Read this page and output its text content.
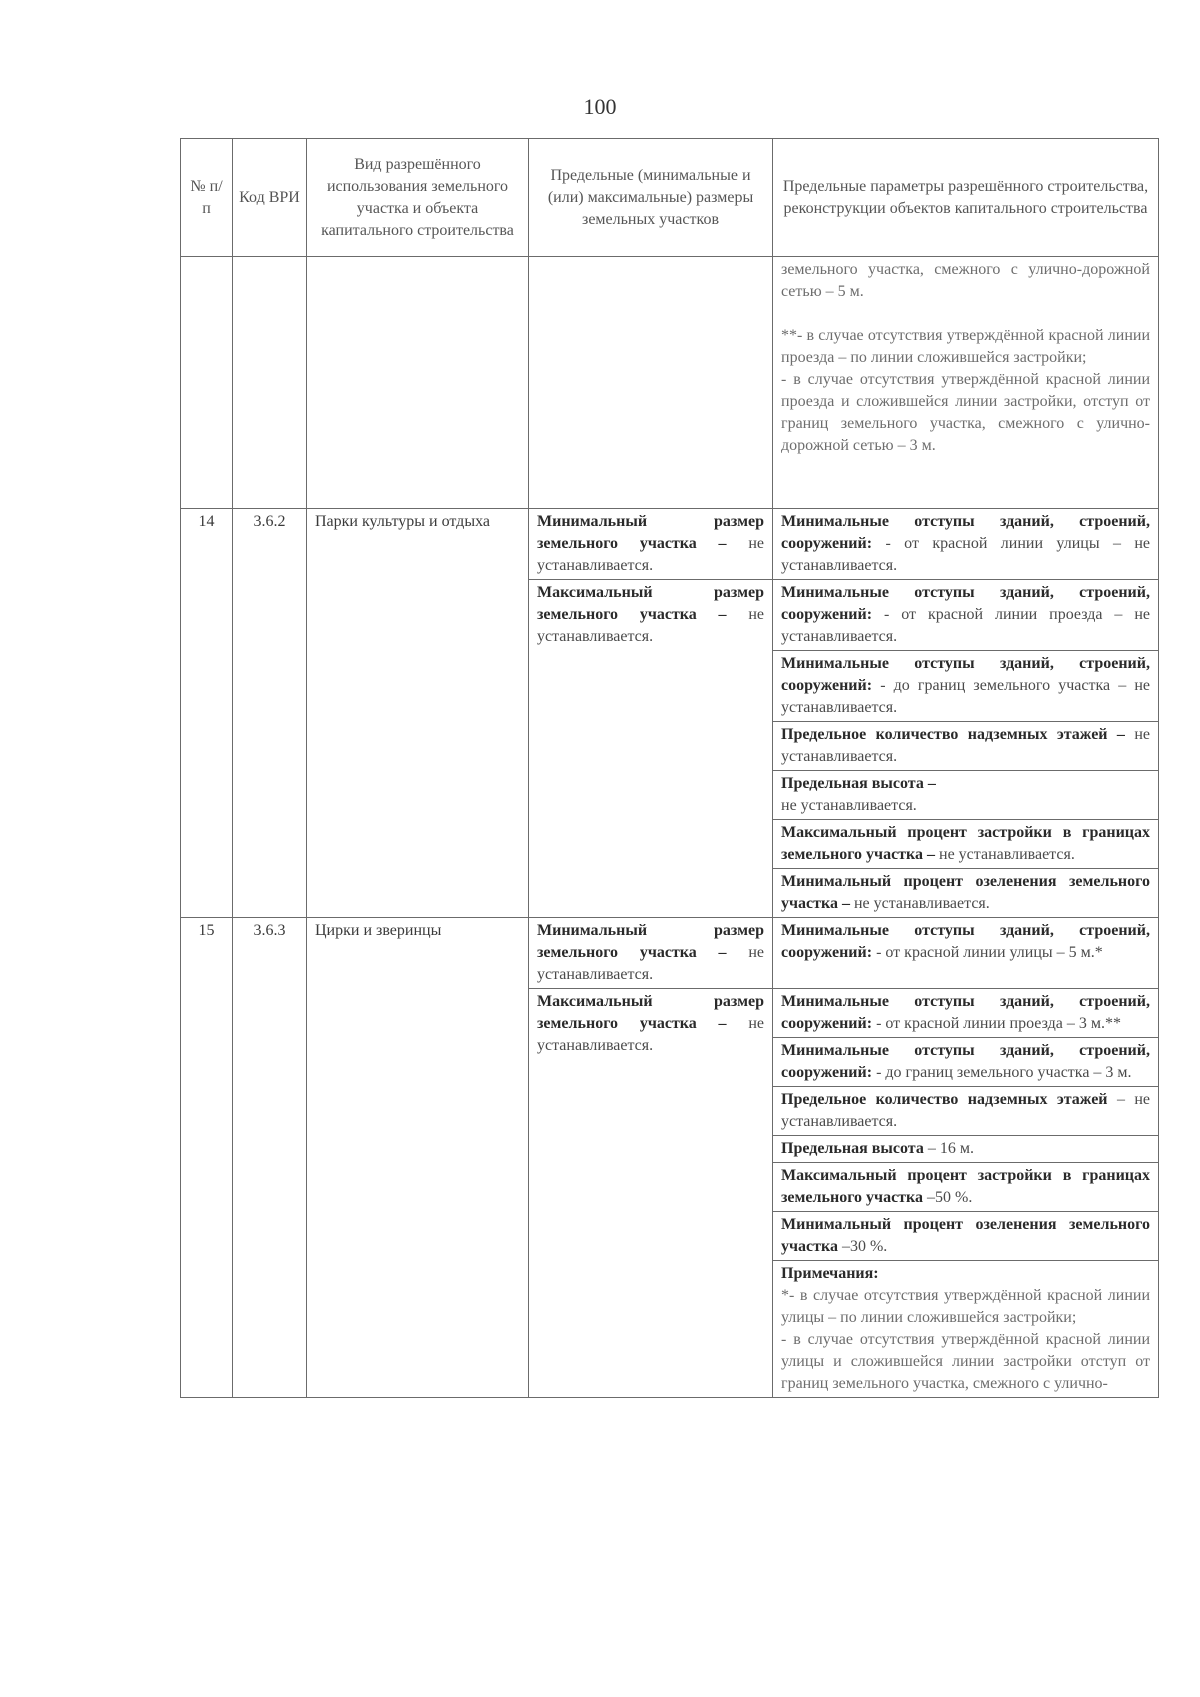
100
№ п/п	Код ВРИ	Вид разрешённого использования земельного участка и объекта капитального строительства	Предельные (минимальные и (или) максимальные) размеры земельных участков	Предельные параметры разрешённого строительства, реконструкции объектов капитального строительства

				земельного участка, смежного с улично-дорожной сетью – 5 м.
**- в случае отсутствия утверждённой красной линии проезда – по линии сложившейся застройки;
- в случае отсутствия утверждённой красной линии проезда и сложившейся линии застройки, отступ от границ земельного участка, смежного с улично-дорожной сетью – 3 м.

14	3.6.2	Парки культуры и отдыха	Минимальный размер земельного участка – не устанавливается.	Минимальные отступы зданий, строений, сооружений: - от красной линии улицы – не устанавливается.
			Максимальный размер земельного участка – не устанавливается.	Минимальные отступы зданий, строений, сооружений: - от красной линии проезда – не устанавливается.
				Минимальные отступы зданий, строений, сооружений: - до границ земельного участка – не устанавливается.
				Предельное количество надземных этажей – не устанавливается.
				Предельная высота –
не устанавливается.
				Максимальный процент застройки в границах земельного участка – не устанавливается.
				Минимальный процент озеленения земельного участка – не устанавливается.
15	3.6.3	Цирки и зверинцы	Минимальный размер земельного участка – не устанавливается.	Минимальные отступы зданий, строений, сооружений: - от красной линии улицы – 5 м.*
			Максимальный размер земельного участка – не устанавливается.	Минимальные отступы зданий, строений, сооружений: - от красной линии проезда – 3 м.**
				Минимальные отступы зданий, строений, сооружений: - до границ земельного участка – 3 м.
				Предельное количество надземных этажей – не устанавливается.
				Предельная высота – 16 м.
				Максимальный процент застройки в границах земельного участка –50 %.
				Минимальный процент озеленения земельного участка –30 %.

				Примечания:
*- в случае отсутствия утверждённой красной линии улицы – по линии сложившейся застройки;
- в случае отсутствия утверждённой красной линии улицы и сложившейся линии застройки отступ от границ земельного участка, смежного с улично-
